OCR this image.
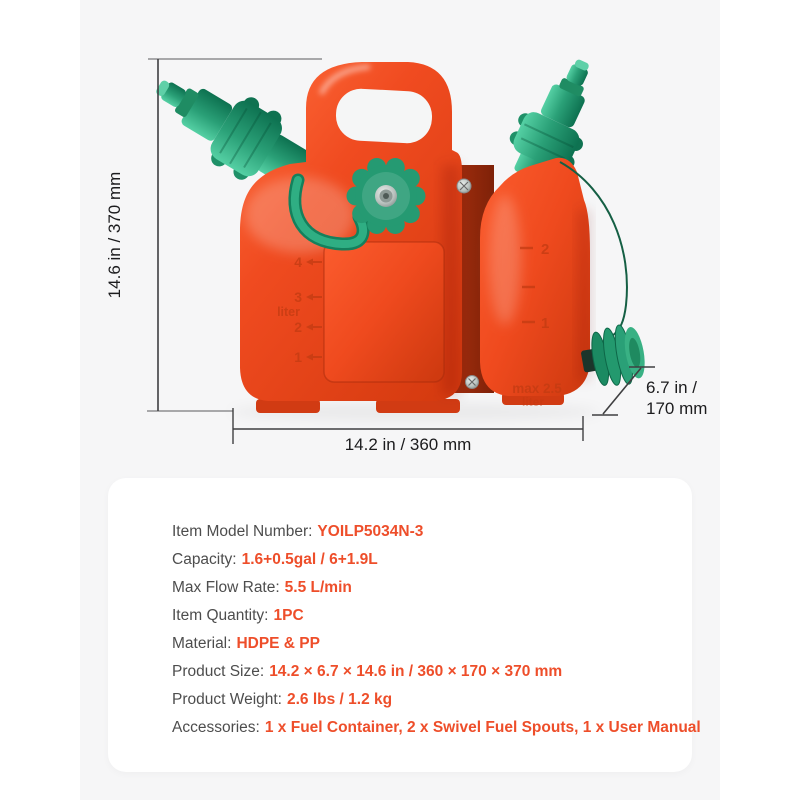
4
3
liter
2
1
2
1
max 2.5
liter
14.6 in / 370 mm
14.2 in / 360 mm
6.7 in /
170 mm
Item Model Number: YOILP5034N-3
Capacity: 1.6+0.5gal / 6+1.9L
Max Flow Rate: 5.5 L/min
Item Quantity: 1PC
Material: HDPE & PP
Product Size: 14.2 × 6.7 × 14.6 in / 360 × 170 × 370 mm
Product Weight: 2.6 lbs / 1.2 kg
Accessories: 1 x Fuel Container, 2 x Swivel Fuel Spouts, 1 x User Manual
